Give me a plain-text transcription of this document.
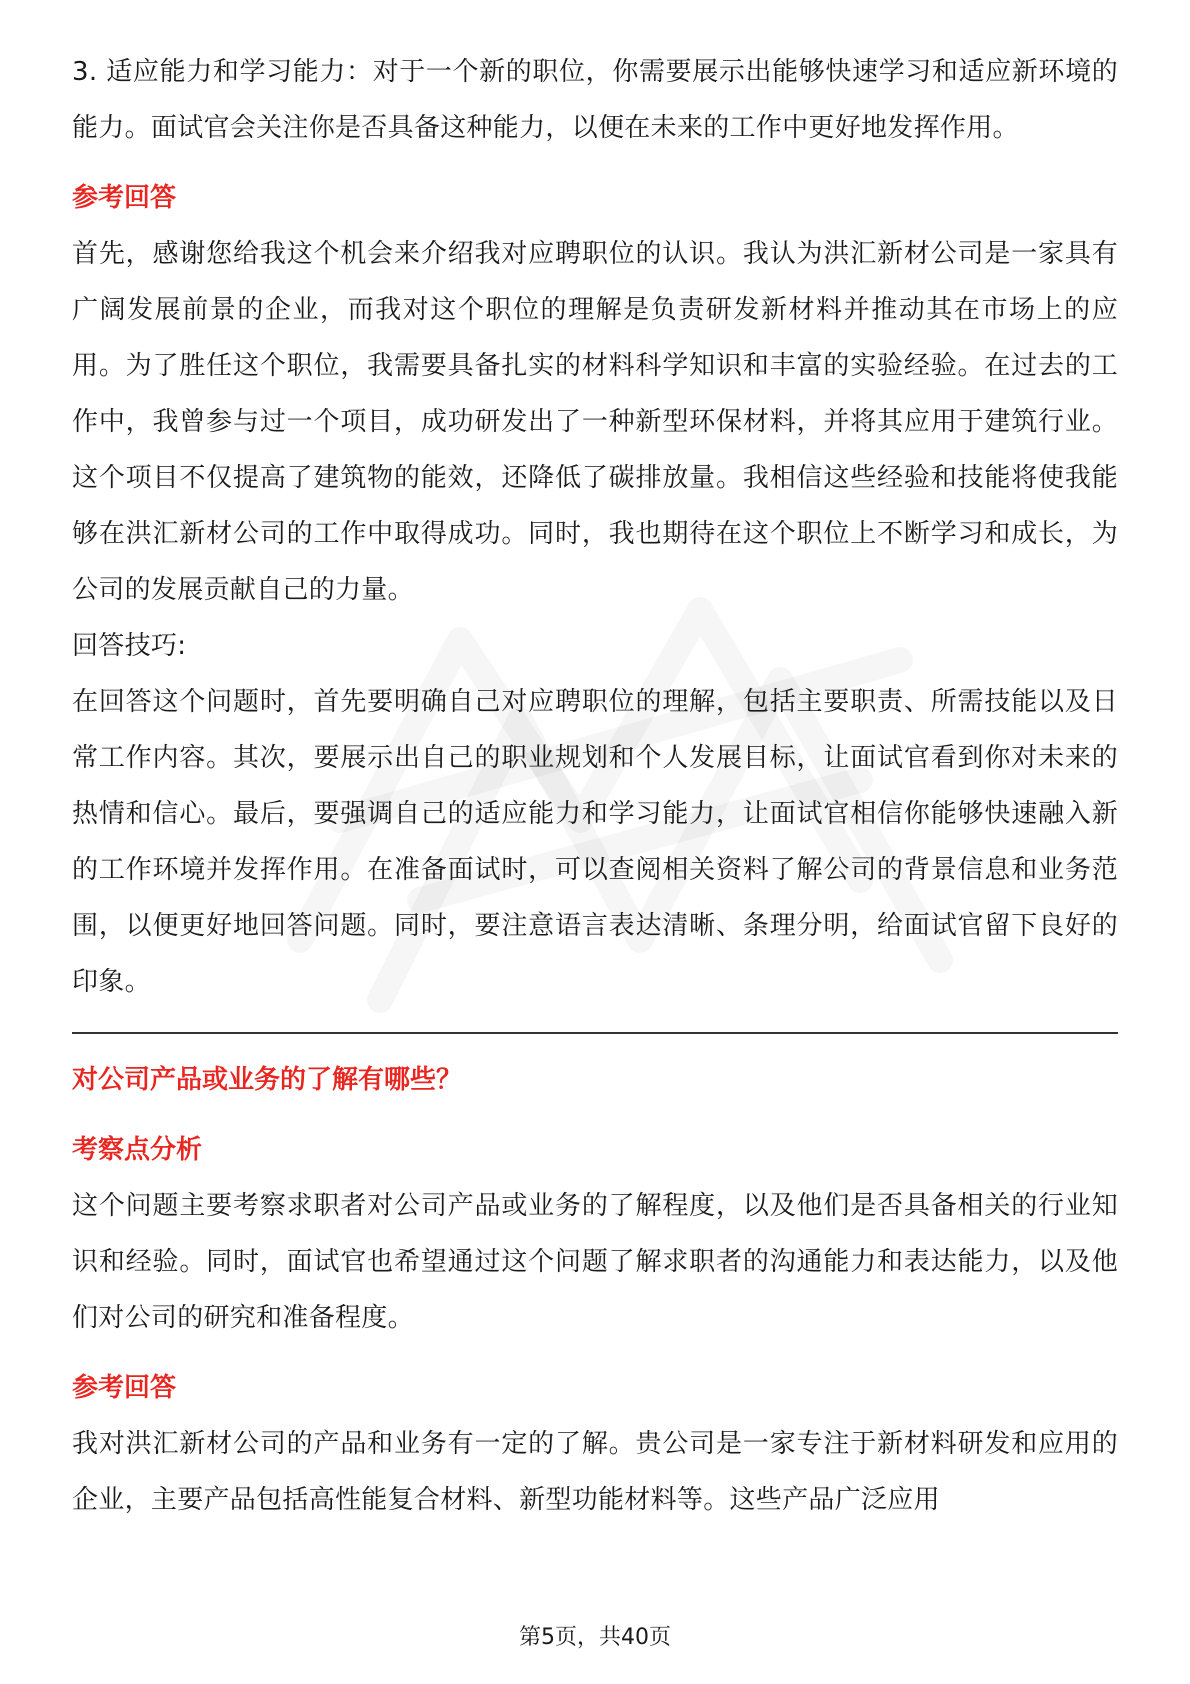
3. 适应能力和学习能力：对于一个新的职位，你需要展示出能够快速学习和适应新环境的能力。面试官会关注你是否具备这种能力，以便在未来的工作中更好地发挥作用。

参考回答

首先，感谢您给我这个机会来介绍我对应聘职位的认识。我认为洪汇新材公司是一家具有广阔发展前景的企业，而我对这个职位的理解是负责研发新材料并推动其在市场上的应用。为了胜任这个职位，我需要具备扎实的材料科学知识和丰富的实验经验。在过去的工作中，我曾参与过一个项目，成功研发出了一种新型环保材料，并将其应用于建筑行业。这个项目不仅提高了建筑物的能效，还降低了碳排放量。我相信这些经验和技能将使我能够在洪汇新材公司的工作中取得成功。同时，我也期待在这个职位上不断学习和成长，为公司的发展贡献自己的力量。

回答技巧:

在回答这个问题时，首先要明确自己对应聘职位的理解，包括主要职责、所需技能以及日常工作内容。其次，要展示出自己的职业规划和个人发展目标，让面试官看到你对未来的热情和信心。最后，要强调自己的适应能力和学习能力，让面试官相信你能够快速融入新的工作环境并发挥作用。在准备面试时，可以查阅相关资料了解公司的背景信息和业务范围，以便更好地回答问题。同时，要注意语言表达清晰、条理分明，给面试官留下良好的印象。

对公司产品或业务的了解有哪些？
考察点分析

这个问题主要考察求职者对公司产品或业务的了解程度，以及他们是否具备相关的行业知识和经验。同时，面试官也希望通过这个问题了解求职者的沟通能力和表达能力，以及他们对公司的研究和准备程度。

参考回答

我对洪汇新材公司的产品和业务有一定的了解。贵公司是一家专注于新材料研发和应用的企业，主要产品包括高性能复合材料、新型功能材料等。这些产品广泛应用

第5页，共40页
